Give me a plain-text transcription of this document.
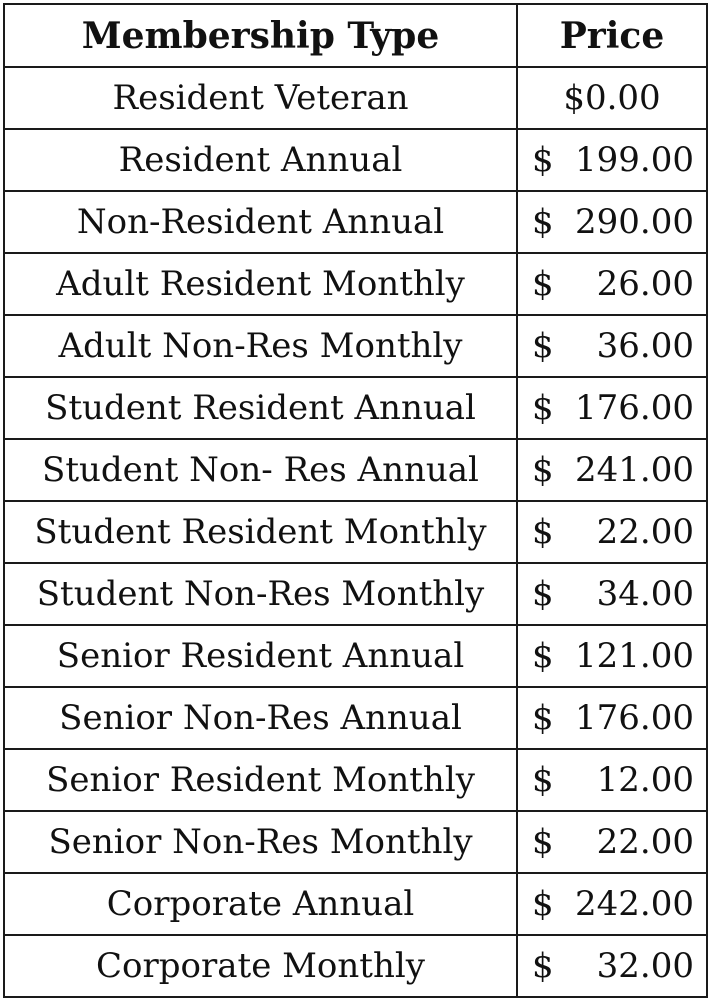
Membership Type	Price
Resident Veteran	$0.00
Resident Annual	$ 199.00

Non-Resident Annual	$ 290.00

Adult Resident Monthly	$ 26.00

Adult Non-Res Monthly	$ 36.00

Student Resident Annual	$ 176.00

Student Non- Res Annual	$ 241.00

Student Resident Monthly	$ 22.00

Student Non-Res Monthly	$ 34.00

Senior Resident Annual	$ 121.00

Senior Non-Res Annual	$ 176.00

Senior Resident Monthly	$ 12.00

Senior Non-Res Monthly	$ 22.00

Corporate Annual	$ 242.00

Corporate Monthly	$ 32.00
